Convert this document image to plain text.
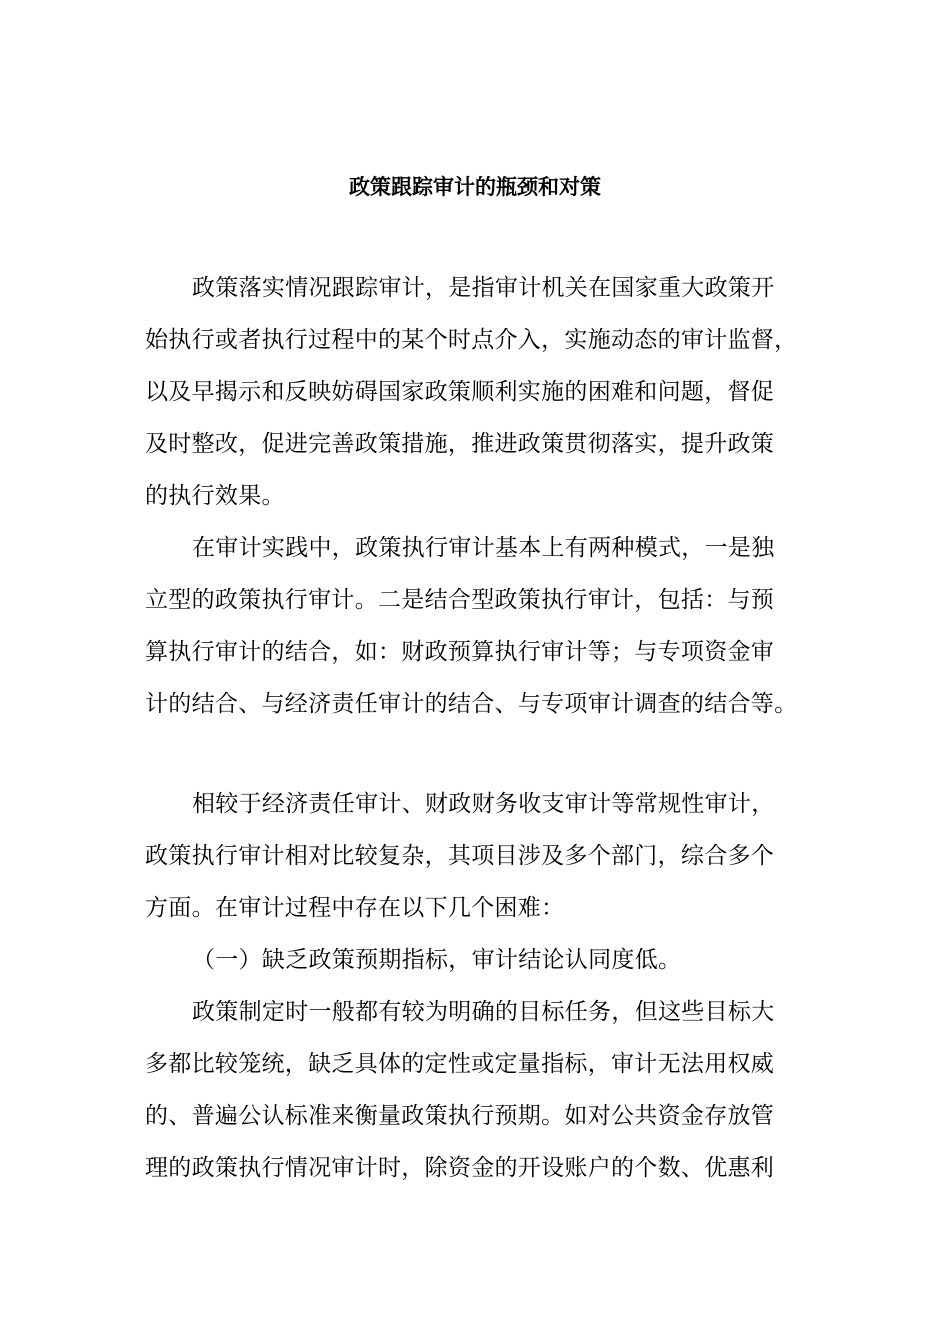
政策跟踪审计的瓶颈和对策
政策落实情况跟踪审计，是指审计机关在国家重大政策开
始执行或者执行过程中的某个时点介入，实施动态的审计监督，
以及早揭示和反映妨碍国家政策顺利实施的困难和问题，督促
及时整改，促进完善政策措施，推进政策贯彻落实，提升政策
的执行效果。
在审计实践中，政策执行审计基本上有两种模式，一是独
立型的政策执行审计。二是结合型政策执行审计，包括：与预
算执行审计的结合，如：财政预算执行审计等；与专项资金审
计的结合、与经济责任审计的结合、与专项审计调查的结合等。
相较于经济责任审计、财政财务收支审计等常规性审计，
政策执行审计相对比较复杂，其项目涉及多个部门，综合多个
方面。在审计过程中存在以下几个困难：
（一）缺乏政策预期指标，审计结论认同度低。
政策制定时一般都有较为明确的目标任务，但这些目标大
多都比较笼统，缺乏具体的定性或定量指标，审计无法用权威
的、普遍公认标准来衡量政策执行预期。如对公共资金存放管
理的政策执行情况审计时，除资金的开设账户的个数、优惠利
